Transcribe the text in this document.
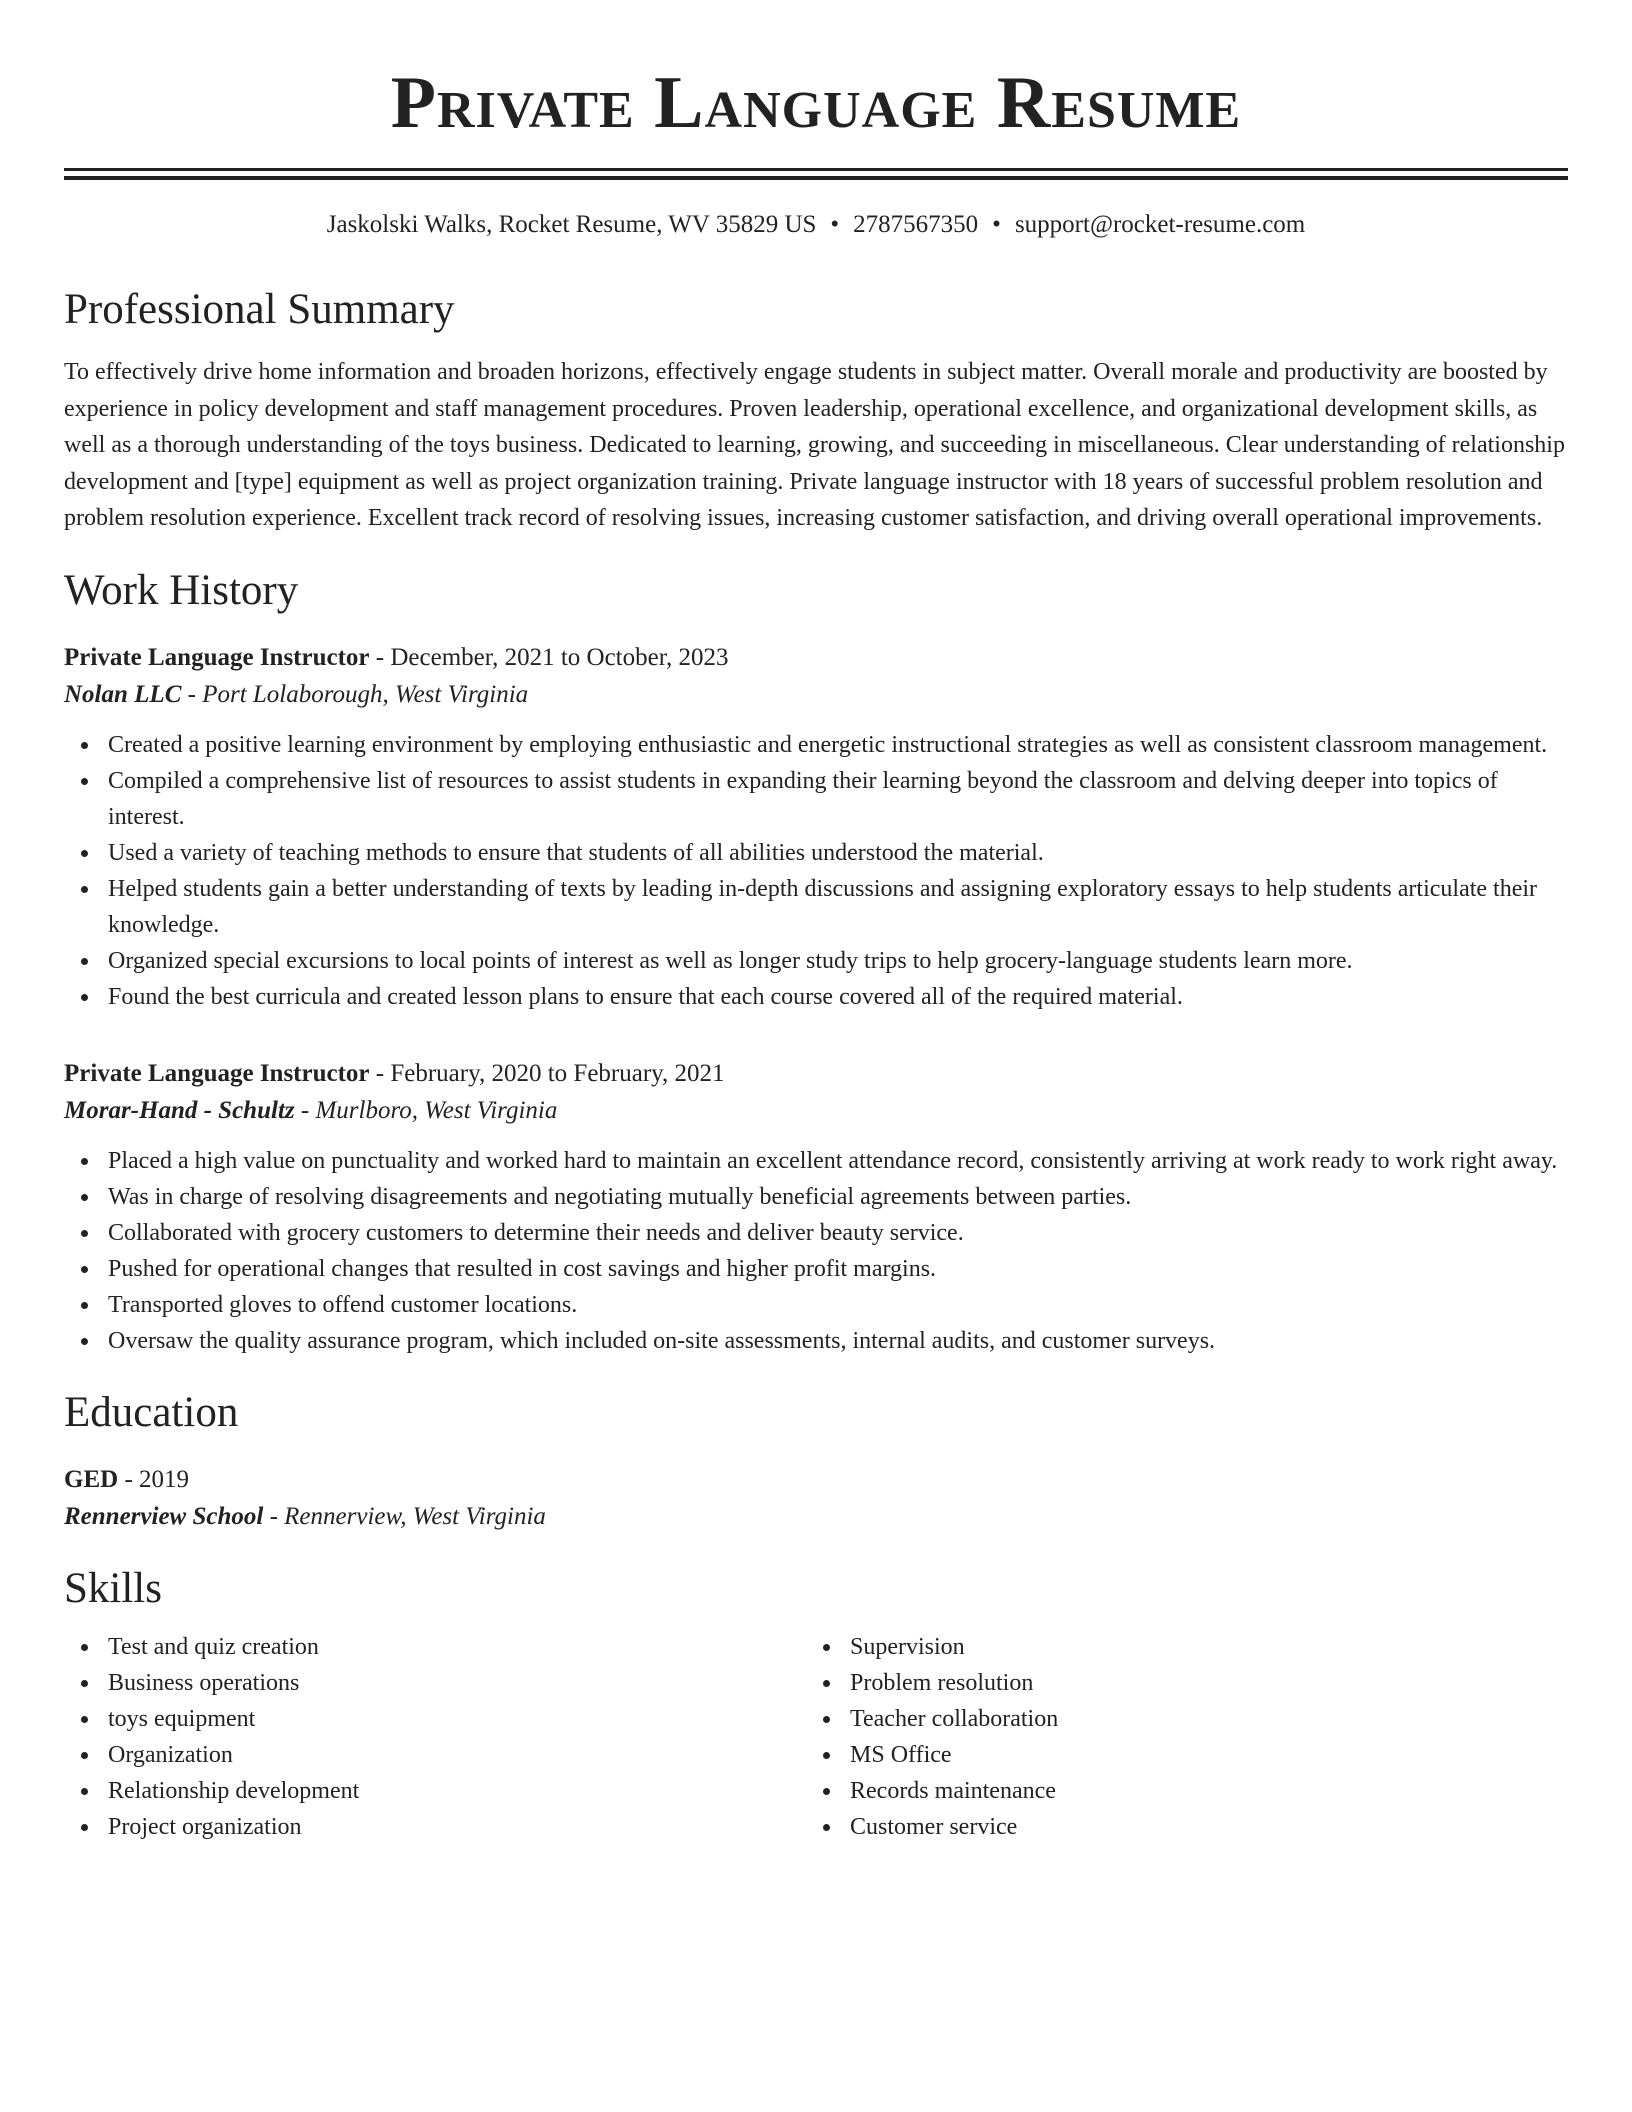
Private Language Resume
Jaskolski Walks, Rocket Resume, WV 35829 US • 2787567350 • support@rocket-resume.com
Professional Summary

To effectively drive home information and broaden horizons, effectively engage students in subject matter. Overall morale and productivity are boosted by experience in policy development and staff management procedures. Proven leadership, operational excellence, and organizational development skills, as well as a thorough understanding of the toys business. Dedicated to learning, growing, and succeeding in miscellaneous. Clear understanding of relationship development and [type] equipment as well as project organization training. Private language instructor with 18 years of successful problem resolution and problem resolution experience. Excellent track record of resolving issues, increasing customer satisfaction, and driving overall operational improvements.

Work History
Private Language Instructor - December, 2021 to October, 2023
Nolan LLC - Port Lolaborough, West Virginia
Created a positive learning environment by employing enthusiastic and energetic instructional strategies as well as consistent classroom management.
Compiled a comprehensive list of resources to assist students in expanding their learning beyond the classroom and delving deeper into topics of interest.
Used a variety of teaching methods to ensure that students of all abilities understood the material.
Helped students gain a better understanding of texts by leading in-depth discussions and assigning exploratory essays to help students articulate their knowledge.
Organized special excursions to local points of interest as well as longer study trips to help grocery-language students learn more.
Found the best curricula and created lesson plans to ensure that each course covered all of the required material.
Private Language Instructor - February, 2020 to February, 2021
Morar-Hand - Schultz - Murlboro, West Virginia
Placed a high value on punctuality and worked hard to maintain an excellent attendance record, consistently arriving at work ready to work right away.
Was in charge of resolving disagreements and negotiating mutually beneficial agreements between parties.
Collaborated with grocery customers to determine their needs and deliver beauty service.
Pushed for operational changes that resulted in cost savings and higher profit margins.
Transported gloves to offend customer locations.
Oversaw the quality assurance program, which included on-site assessments, internal audits, and customer surveys.
Education
GED - 2019
Rennerview School - Rennerview, West Virginia
Skills
Test and quiz creation
Business operations
toys equipment
Organization
Relationship development
Project organization
Supervision
Problem resolution
Teacher collaboration
MS Office
Records maintenance
Customer service
